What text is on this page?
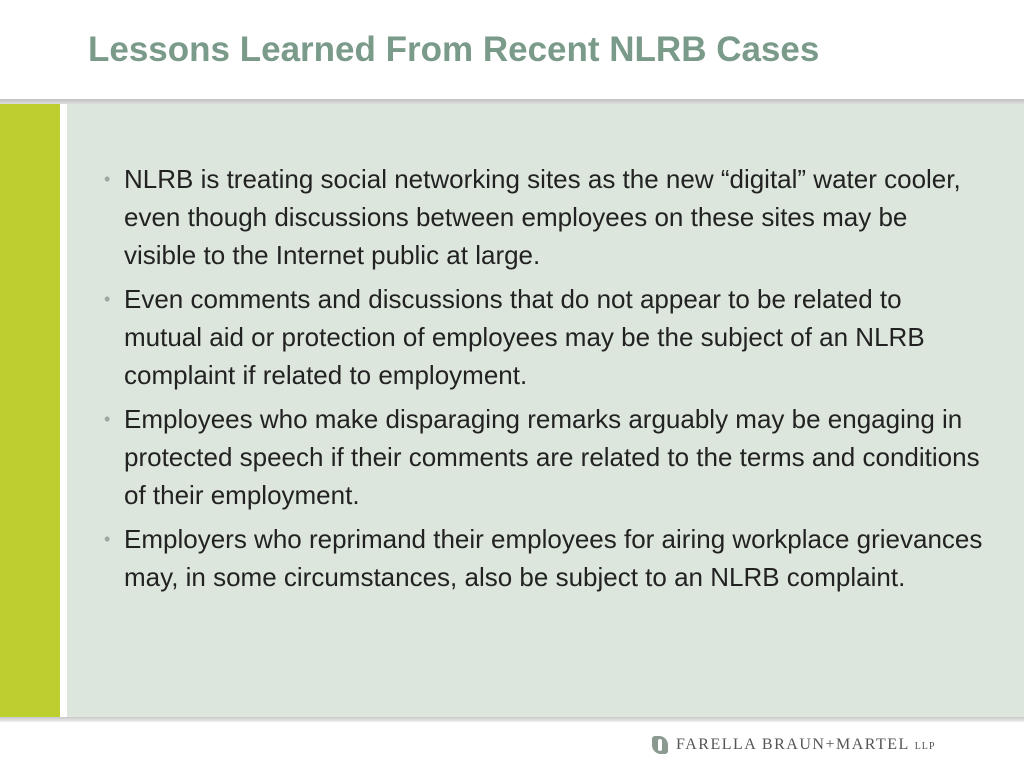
Lessons Learned From Recent NLRB Cases
• NLRB is treating social networking sites as the new “digital” water cooler, even though discussions between employees on these sites may be visible to the Internet public at large.
• Even comments and discussions that do not appear to be related to mutual aid or protection of employees may be the subject of an NLRB complaint if related to employment.
• Employees who make disparaging remarks arguably may be engaging in protected speech if their comments are related to the terms and conditions of their employment.
• Employers who reprimand their employees for airing workplace grievances may, in some circumstances, also be subject to an NLRB complaint.
FARELLA BRAUN+MARTEL LLP
